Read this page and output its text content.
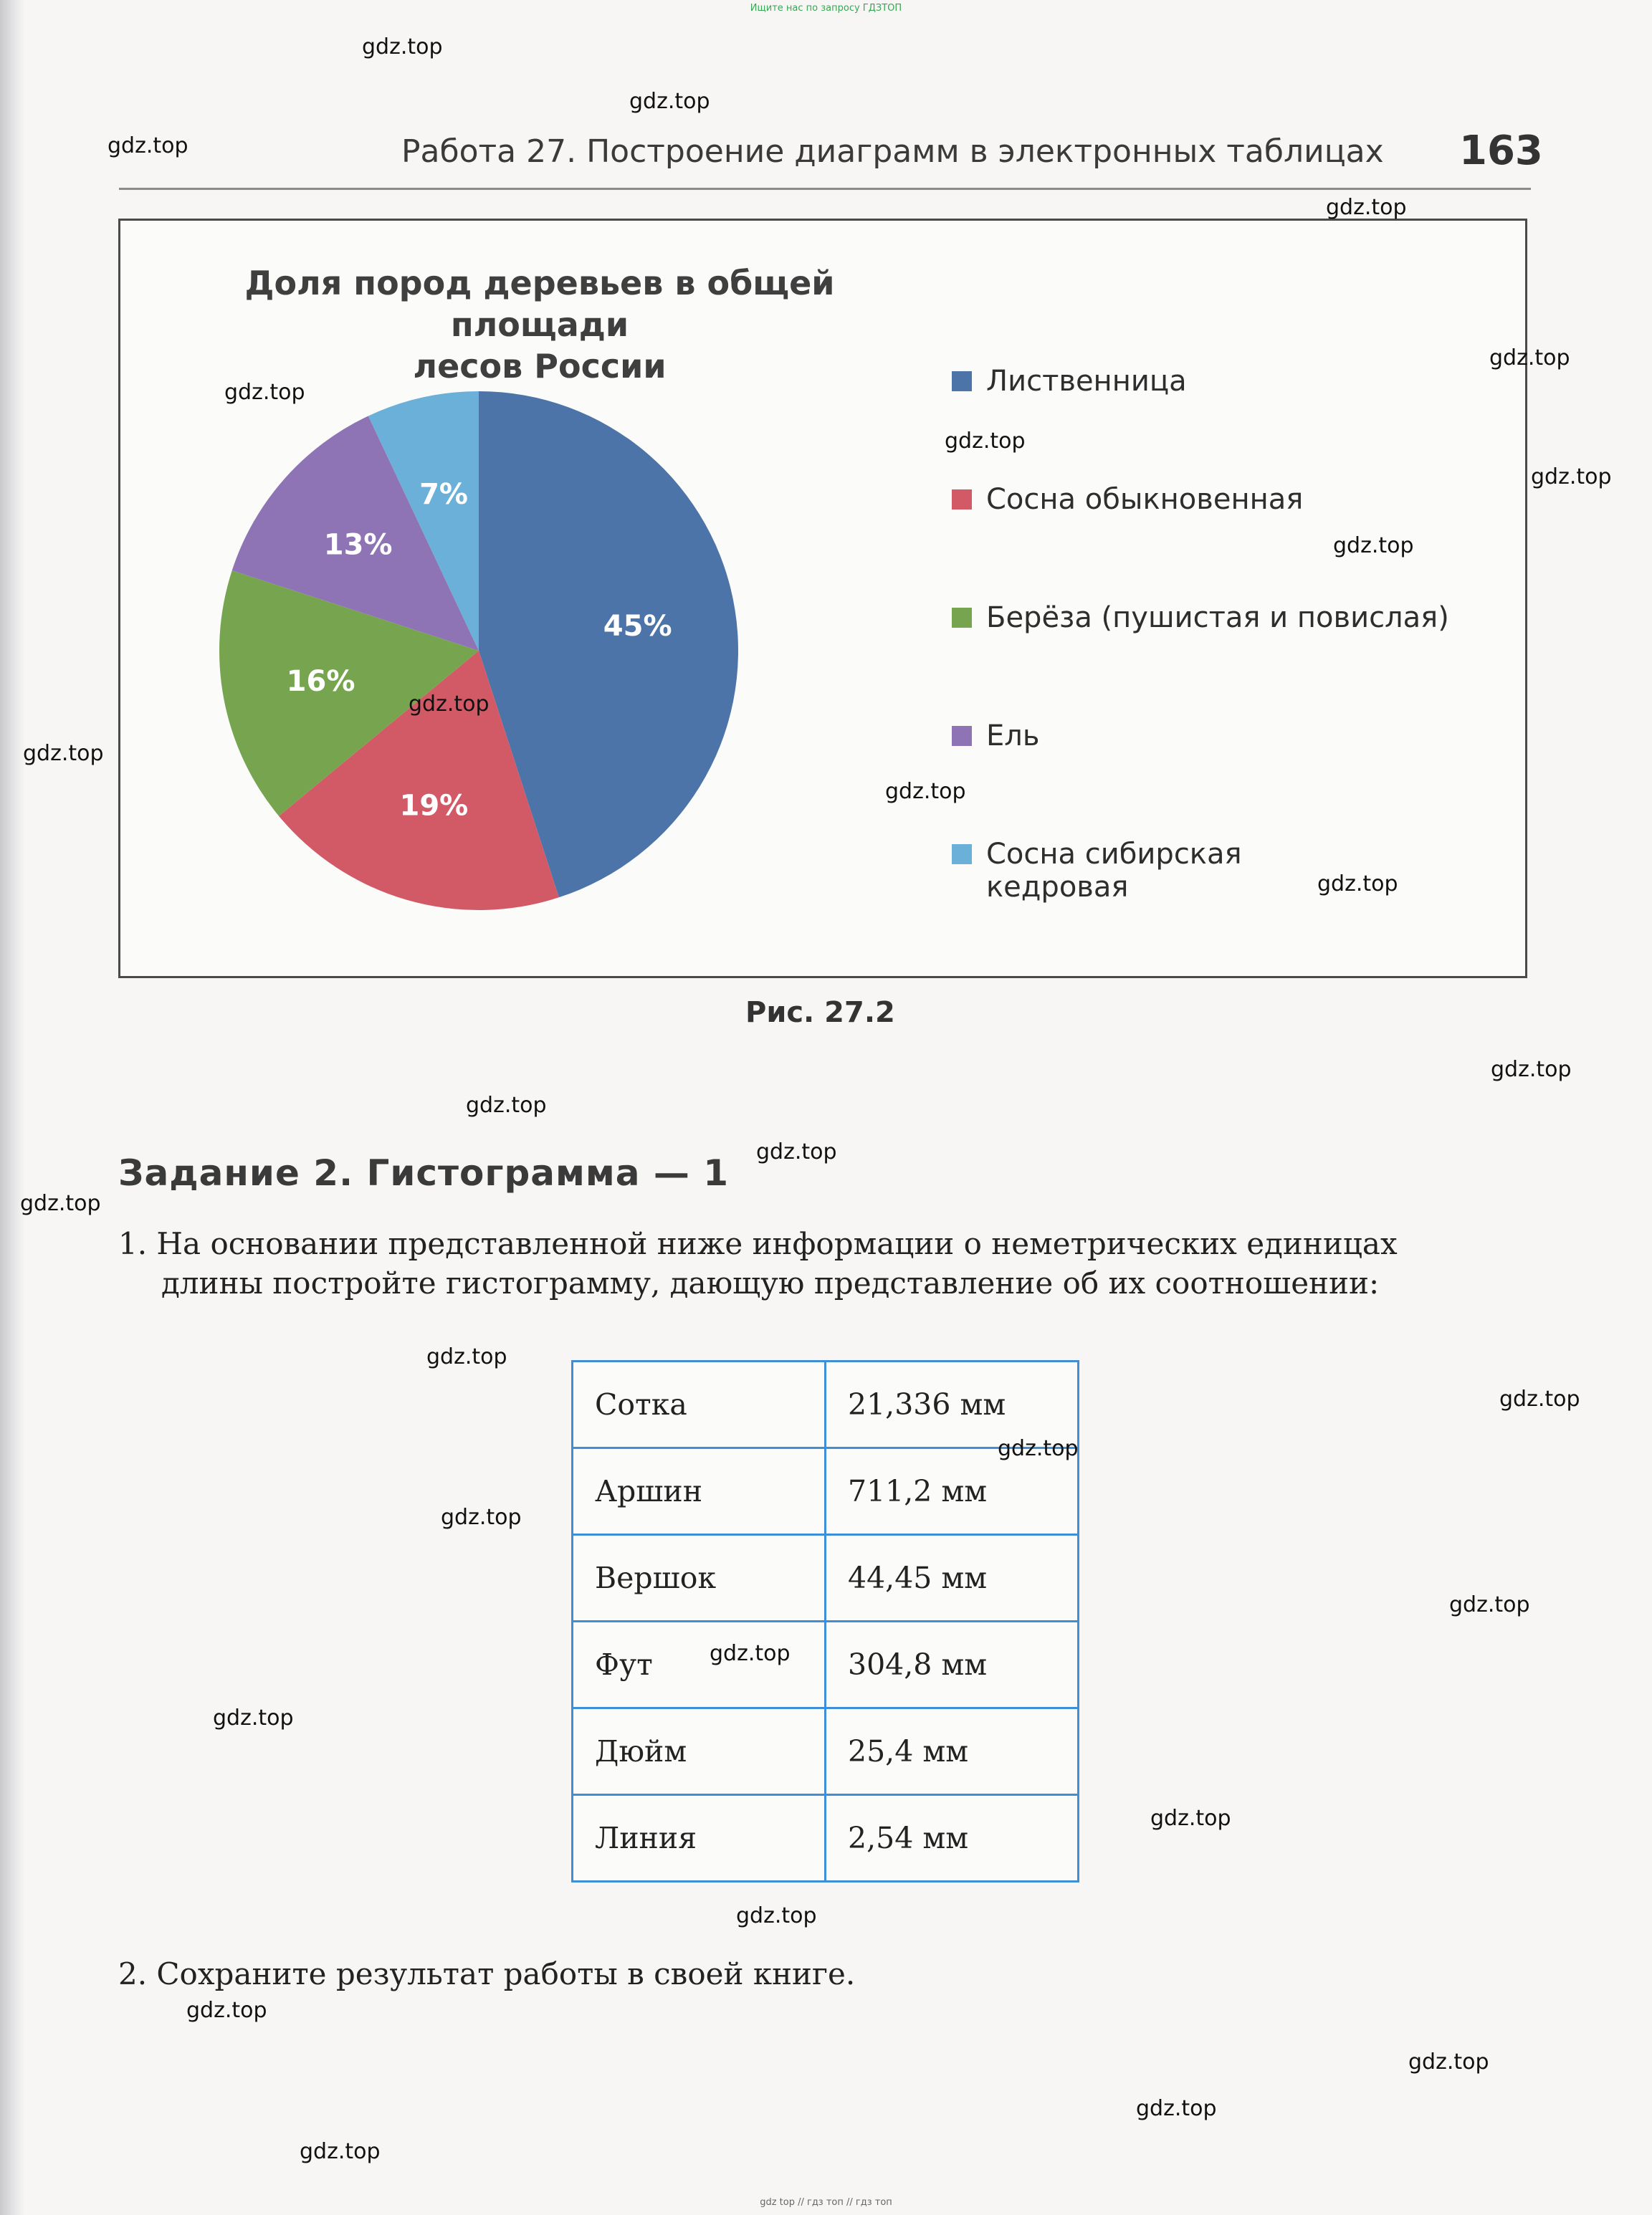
Ищите нас по запросу ГДЗТОП
Работа 27. Построение диаграмм в электронных таблицах 163
Доля пород деревьев в общей площади
лесов России
45%
19%
16%
13%
7%
Лиственница
Сосна обыкновенная
Берёза (пушистая и повислая)
Ель
Сосна сибирская
кедровая
Рис. 27.2
Задание 2. Гистограмма — 1
1. На основании представленной ниже информации о неметрических единицах
длины постройте гистограмму, дающую представление об их соотношении:
Сотка	21,336 мм
Аршин	711,2 мм
Вершок	44,45 мм
Фут	304,8 мм
Дюйм	25,4 мм
Линия	2,54 мм
2. Сохраните результат работы в своей книге.
gdz top // гдз топ // гдз топ
gdz.top
gdz.top
gdz.top
gdz.top
gdz.top
gdz.top
gdz.top
gdz.top
gdz.top
gdz.top
gdz.top
gdz.top
gdz.top
gdz.top
gdz.top
gdz.top
gdz.top
gdz.top
gdz.top
gdz.top
gdz.top
gdz.top
gdz.top
gdz.top
gdz.top
gdz.top
gdz.top
gdz.top
gdz.top
gdz.top
